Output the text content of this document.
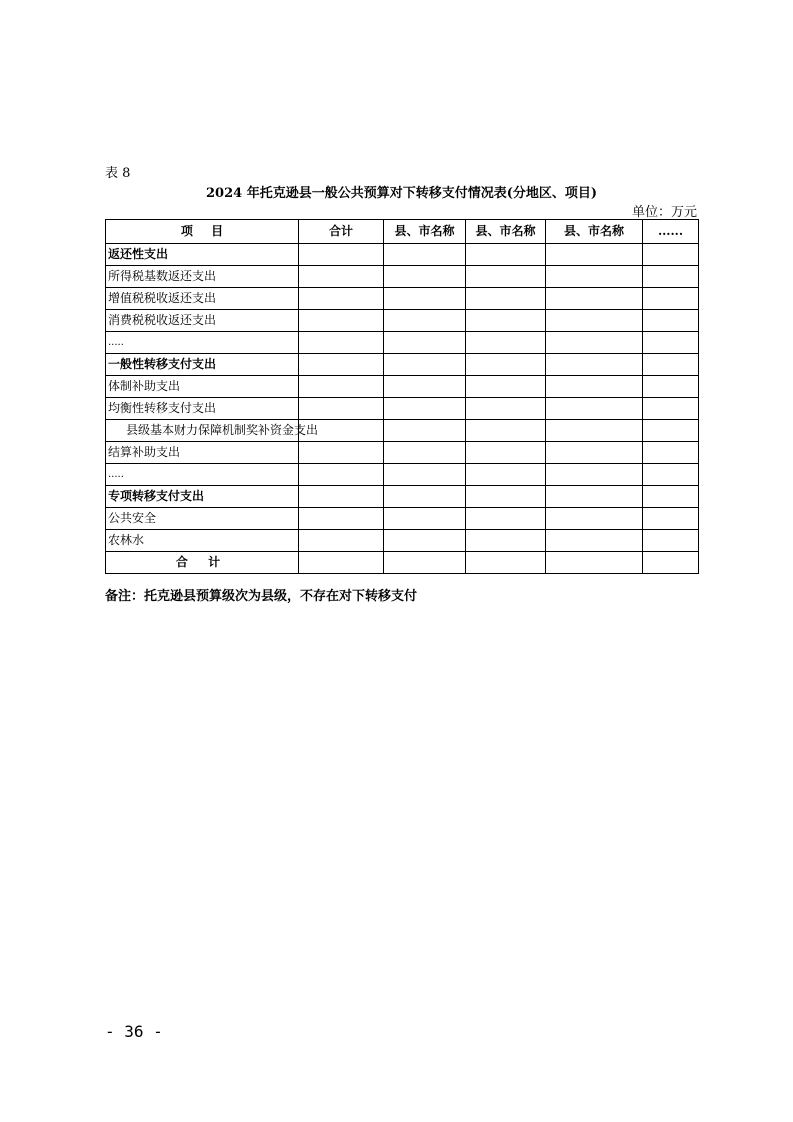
表 8
2024 年托克逊县一般公共预算对下转移支付情况表(分地区、项目)
单位：万元
项 目	合计	县、市名称	县、市名称	县、市名称	......
返还性支出					
所得税基数返还支出					
增值税税收返还支出					
消费税税收返还支出					
.....					
一般性转移支付支出					
体制补助支出					
均衡性转移支付支出					
县级基本财力保障机制奖补资金支出					
结算补助支出					
.....					
专项转移支付支出					
公共安全					
农林水					
合 计					
备注：托克逊县预算级次为县级，不存在对下转移支付
- 36 -
